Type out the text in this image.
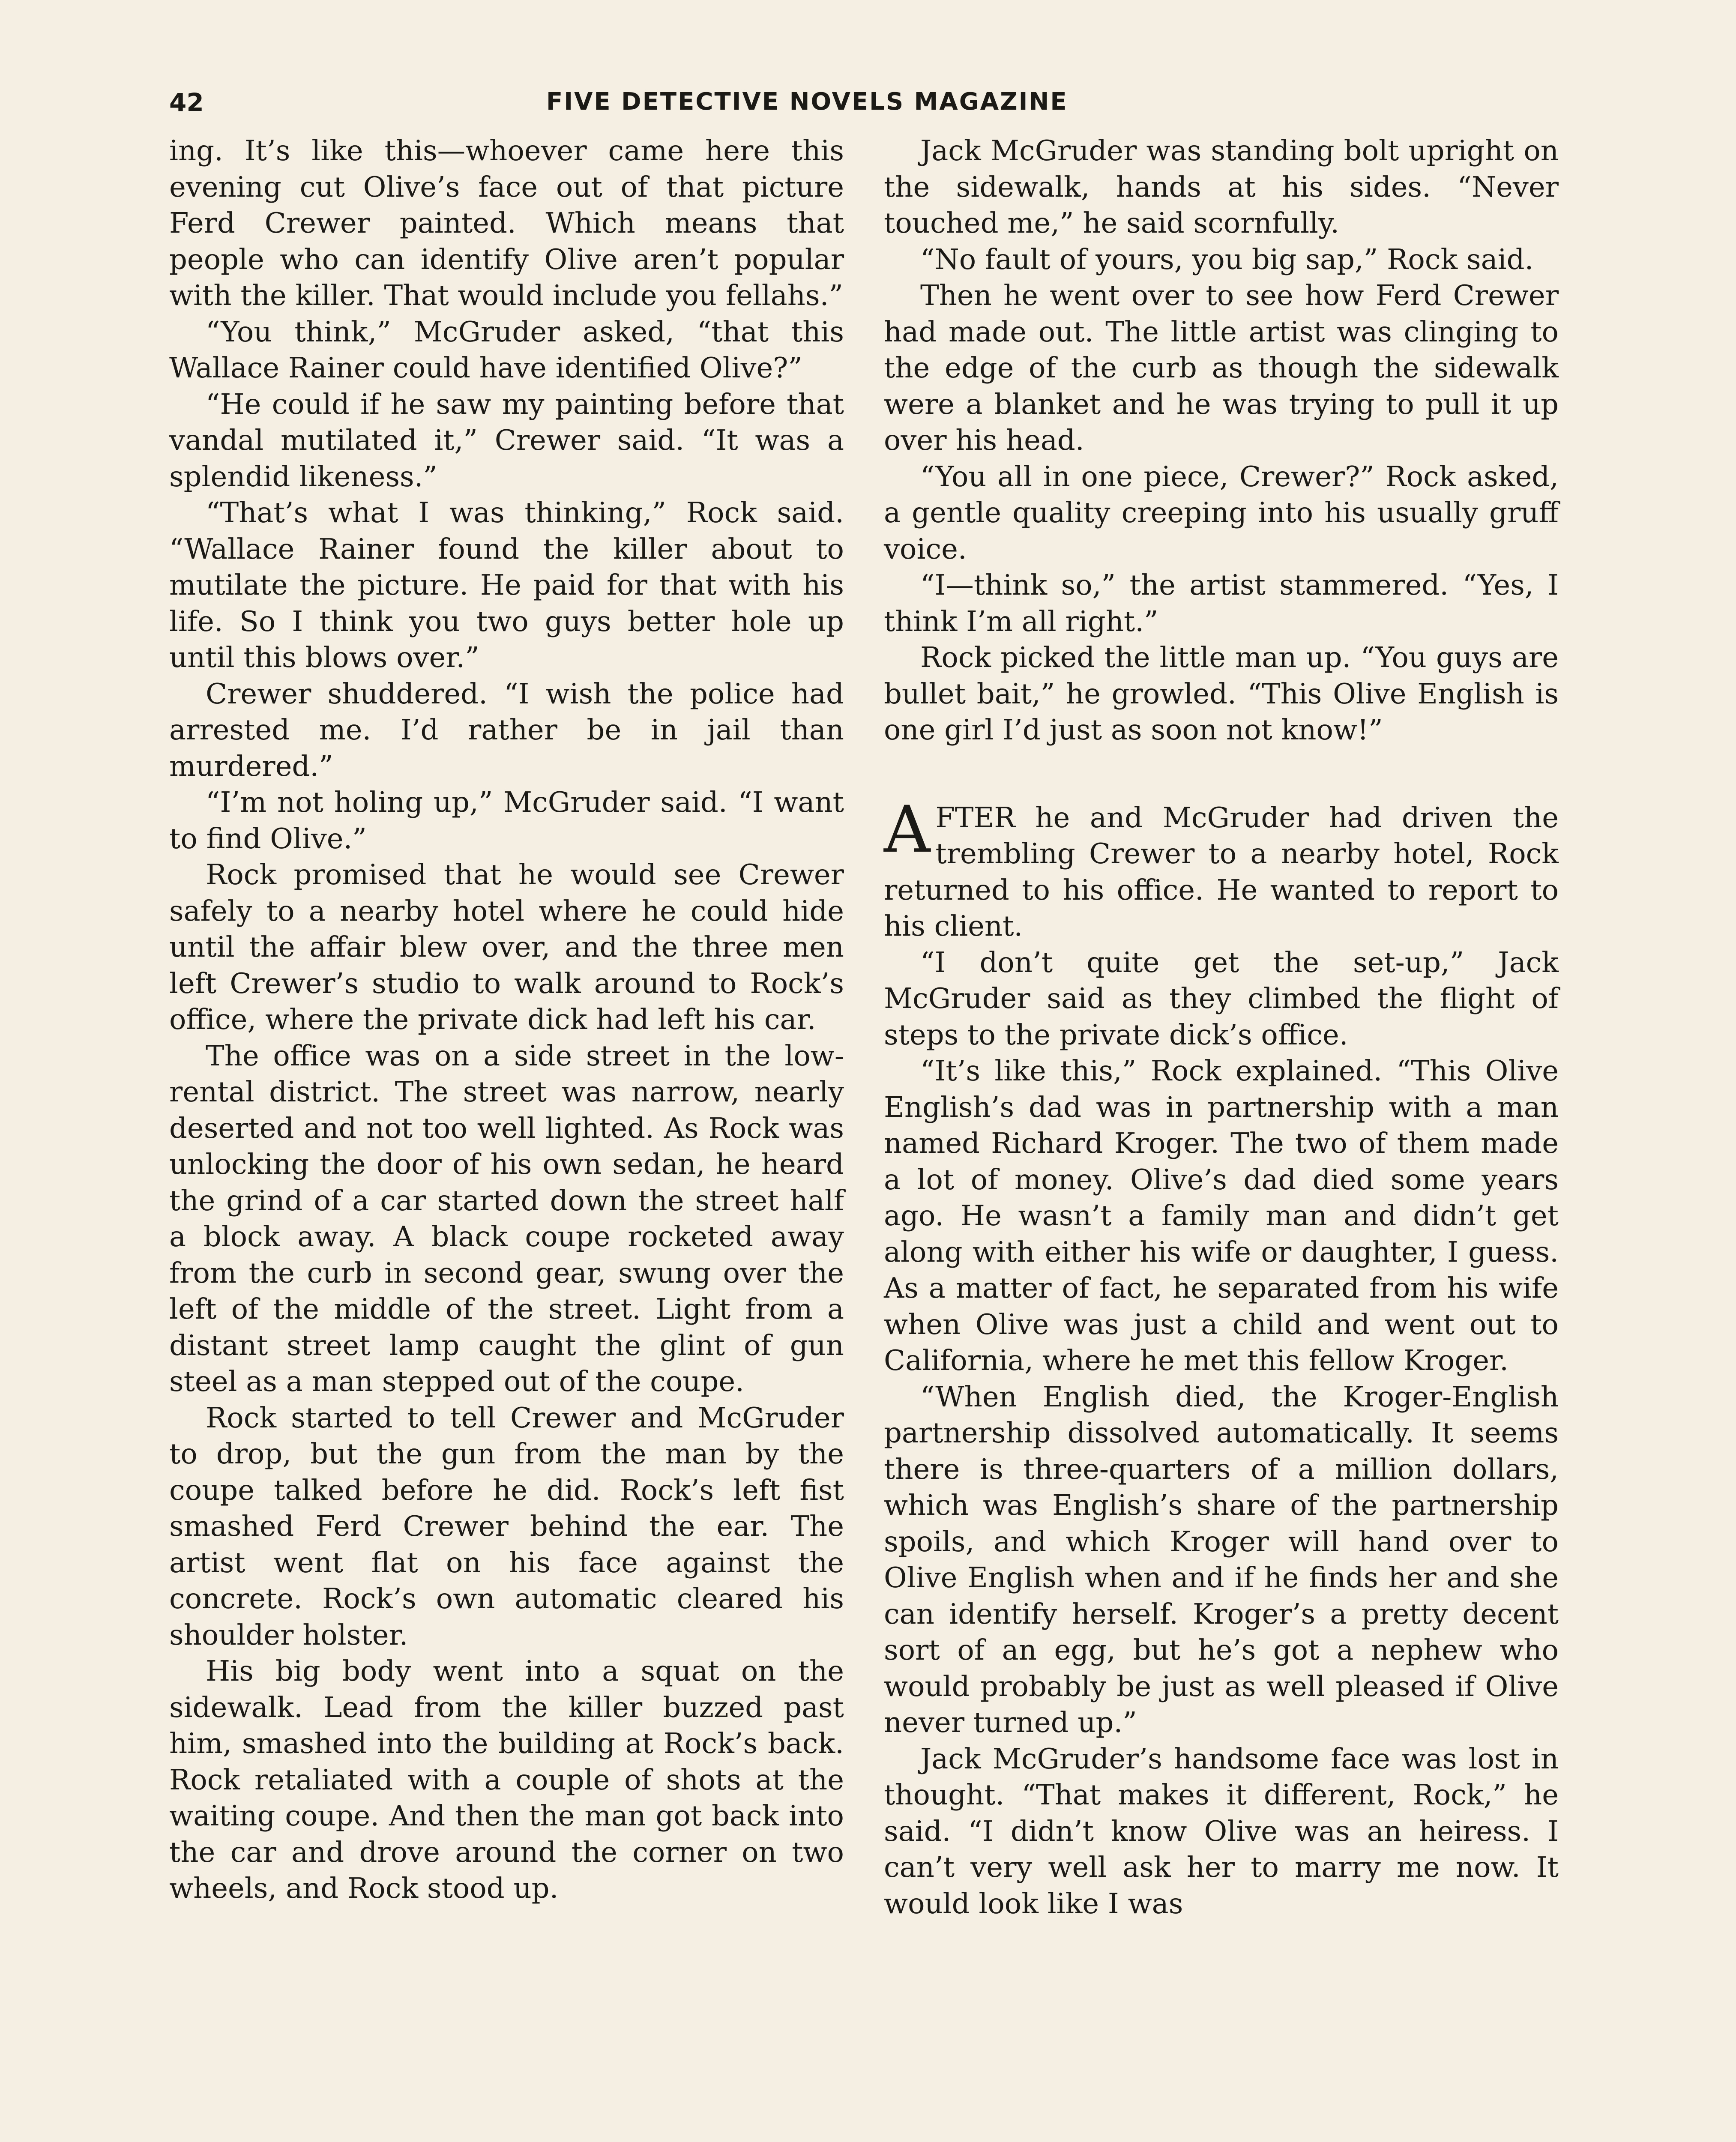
42	FIVE DETECTIVE NOVELS MAGAZINE

ing. It’s like this—whoever came here this evening cut Olive’s face out of that picture Ferd Crewer painted. Which means that people who can identify Olive aren’t popular with the killer. That would include you fellahs.”

“You think,” McGruder asked, “that this Wallace Rainer could have identified Olive?”

“He could if he saw my painting before that vandal mutilated it,” Crewer said. “It was a splendid likeness.”

“That’s what I was thinking,” Rock said. “Wallace Rainer found the killer about to mutilate the picture. He paid for that with his life. So I think you two guys better hole up until this blows over.”

Crewer shuddered. “I wish the police had arrested me. I’d rather be in jail than murdered.”

“I’m not holing up,” McGruder said. “I want to find Olive.”

Rock promised that he would see Crewer safely to a nearby hotel where he could hide until the affair blew over, and the three men left Crewer’s studio to walk around to Rock’s office, where the private dick had left his car.

The office was on a side street in the low-rental district. The street was narrow, nearly deserted and not too well lighted. As Rock was unlocking the door of his own sedan, he heard the grind of a car started down the street half a block away. A black coupe rocketed away from the curb in second gear, swung over the left of the middle of the street. Light from a distant street lamp caught the glint of gun steel as a man stepped out of the coupe.

Rock started to tell Crewer and McGruder to drop, but the gun from the man by the coupe talked before he did. Rock’s left fist smashed Ferd Crewer behind the ear. The artist went flat on his face against the concrete. Rock’s own automatic cleared his shoulder holster.

His big body went into a squat on the sidewalk. Lead from the killer buzzed past him, smashed into the building at Rock’s back. Rock retaliated with a couple of shots at the waiting coupe. And then the man got back into the car and drove around the corner on two wheels, and Rock stood up.

Jack McGruder was standing bolt upright on the sidewalk, hands at his sides. “Never touched me,” he said scornfully.

“No fault of yours, you big sap,” Rock said.

Then he went over to see how Ferd Crewer had made out. The little artist was clinging to the edge of the curb as though the sidewalk were a blanket and he was trying to pull it up over his head.

“You all in one piece, Crewer?” Rock asked, a gentle quality creeping into his usually gruff voice.

“I—think so,” the artist stammered. “Yes, I think I’m all right.”

Rock picked the little man up. “You guys are bullet bait,” he growled. “This Olive English is one girl I’d just as soon not know!”

AFTER he and McGruder had driven the trembling Crewer to a nearby hotel, Rock returned to his office. He wanted to report to his client.

“I don’t quite get the set-up,” Jack McGruder said as they climbed the flight of steps to the private dick’s office.

“It’s like this,” Rock explained. “This Olive English’s dad was in partnership with a man named Richard Kroger. The two of them made a lot of money. Olive’s dad died some years ago. He wasn’t a family man and didn’t get along with either his wife or daughter, I guess. As a matter of fact, he separated from his wife when Olive was just a child and went out to California, where he met this fellow Kroger.

“When English died, the Kroger-English partnership dissolved automatically. It seems there is three-quarters of a million dollars, which was English’s share of the partnership spoils, and which Kroger will hand over to Olive English when and if he finds her and she can identify herself. Kroger’s a pretty decent sort of an egg, but he’s got a nephew who would probably be just as well pleased if Olive never turned up.”

Jack McGruder’s handsome face was lost in thought. “That makes it different, Rock,” he said. “I didn’t know Olive was an heiress. I can’t very well ask her to marry me now. It would look like I was
